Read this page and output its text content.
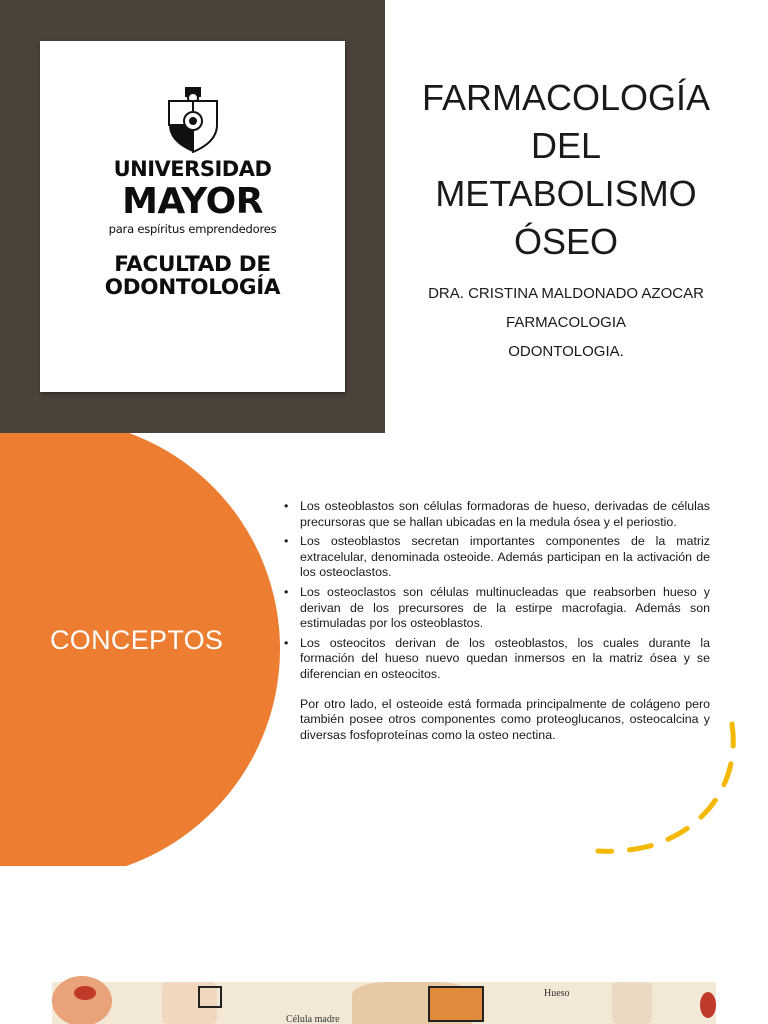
UNIVERSIDAD
MAYOR
para espíritus emprendedores
FACULTAD DE
ODONTOLOGÍA
FARMACOLOGÍA
DEL
METABOLISMO
ÓSEO
DRA. CRISTINA MALDONADO AZOCAR
FARMACOLOGIA
ODONTOLOGIA.
CONCEPTOS
• Los osteoblastos son células formadoras de hueso, derivadas de células precursoras que se hallan ubicadas en la medula ósea y el periostio.
• Los osteoblastos secretan importantes componentes de la matriz extracelular, denominada osteoide. Además participan en la activación de los osteoclastos.
• Los osteoclastos son células multinucleadas que reabsorben hueso y derivan de los precursores de la estirpe macrofagia. Además son estimuladas por los osteoblastos.
• Los osteocitos derivan de los osteoblastos, los cuales durante la formación del hueso nuevo quedan inmersos en la matriz ósea y se diferencian en osteocitos.
Por otro lado, el osteoide está formada principalmente de colágeno pero también posee otros componentes como proteoglucanos, osteocalcina y diversas fosfoproteínas como la osteo nectina.
Hueso
Célula madre
